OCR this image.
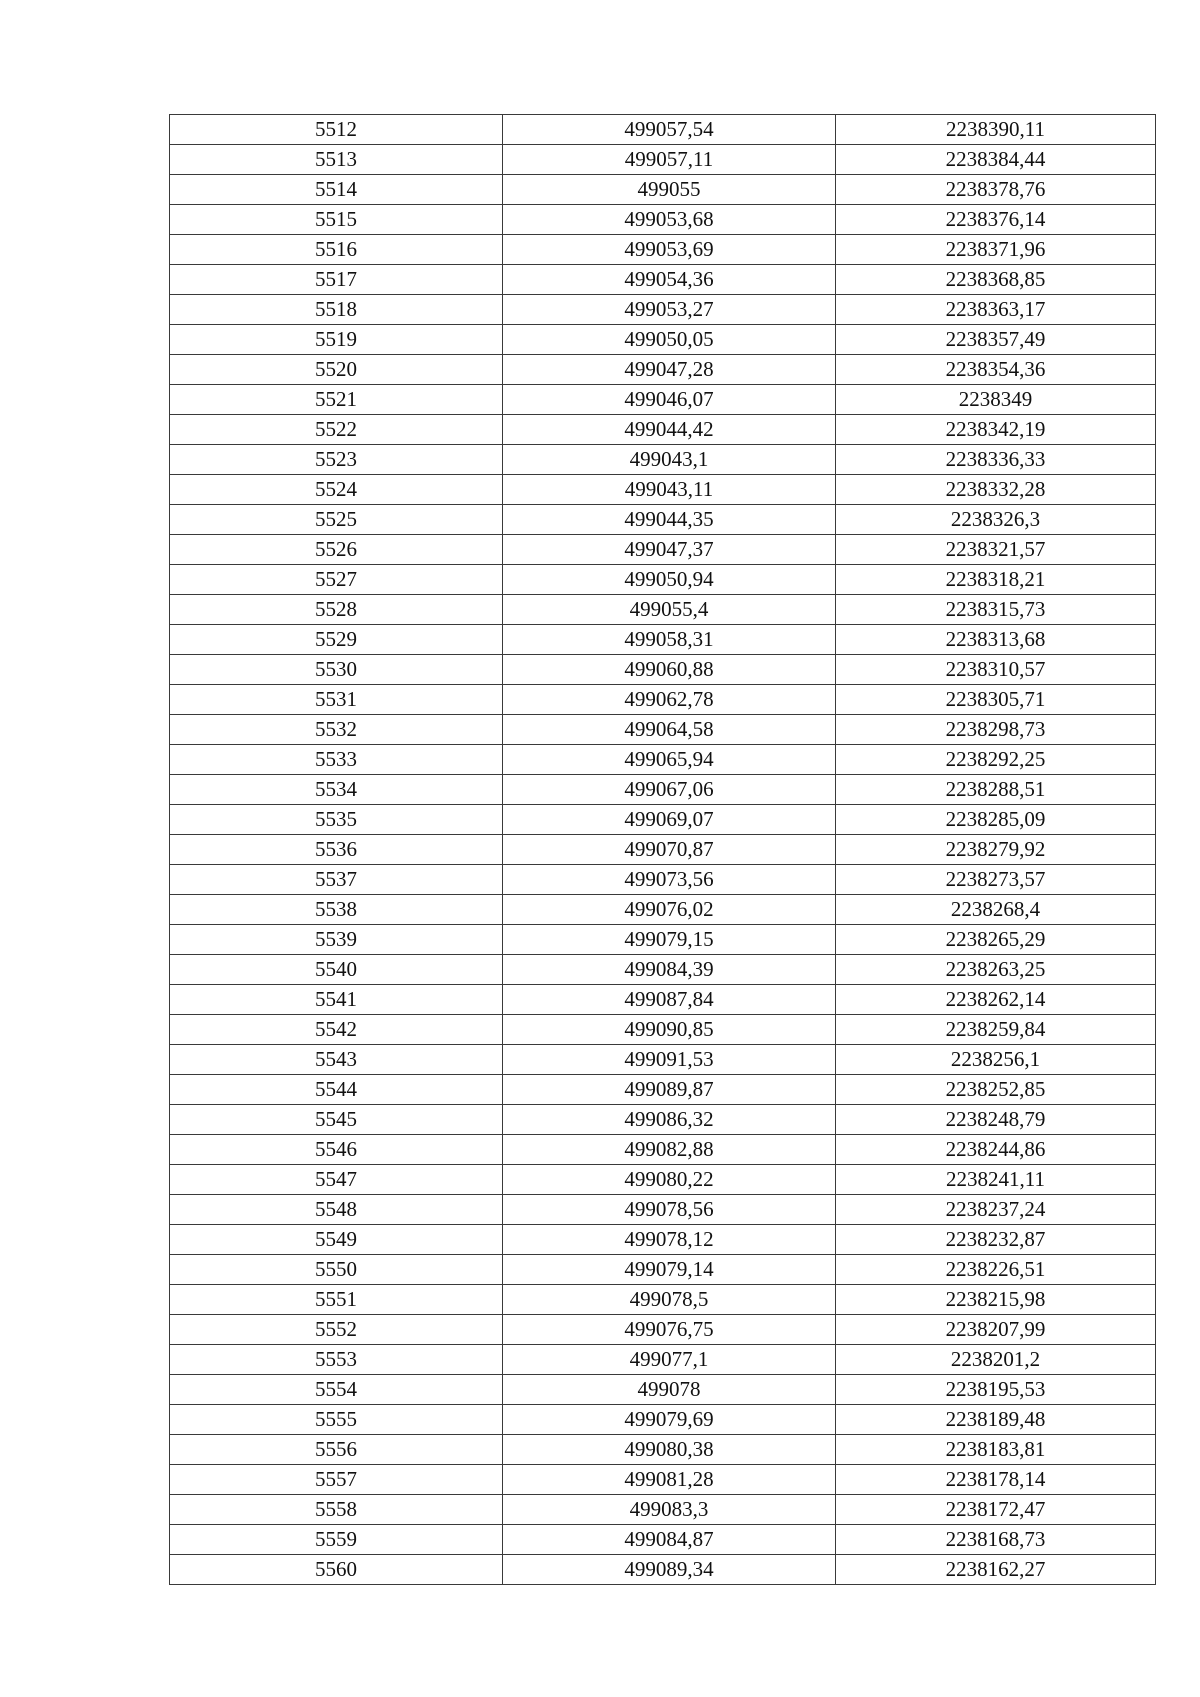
5512	499057,54	2238390,11
5513	499057,11	2238384,44
5514	499055	2238378,76
5515	499053,68	2238376,14
5516	499053,69	2238371,96
5517	499054,36	2238368,85
5518	499053,27	2238363,17
5519	499050,05	2238357,49
5520	499047,28	2238354,36
5521	499046,07	2238349
5522	499044,42	2238342,19
5523	499043,1	2238336,33
5524	499043,11	2238332,28
5525	499044,35	2238326,3
5526	499047,37	2238321,57
5527	499050,94	2238318,21
5528	499055,4	2238315,73
5529	499058,31	2238313,68
5530	499060,88	2238310,57
5531	499062,78	2238305,71
5532	499064,58	2238298,73
5533	499065,94	2238292,25
5534	499067,06	2238288,51
5535	499069,07	2238285,09
5536	499070,87	2238279,92
5537	499073,56	2238273,57
5538	499076,02	2238268,4
5539	499079,15	2238265,29
5540	499084,39	2238263,25
5541	499087,84	2238262,14
5542	499090,85	2238259,84
5543	499091,53	2238256,1
5544	499089,87	2238252,85
5545	499086,32	2238248,79
5546	499082,88	2238244,86
5547	499080,22	2238241,11
5548	499078,56	2238237,24
5549	499078,12	2238232,87
5550	499079,14	2238226,51
5551	499078,5	2238215,98
5552	499076,75	2238207,99
5553	499077,1	2238201,2
5554	499078	2238195,53
5555	499079,69	2238189,48
5556	499080,38	2238183,81
5557	499081,28	2238178,14
5558	499083,3	2238172,47
5559	499084,87	2238168,73
5560	499089,34	2238162,27
